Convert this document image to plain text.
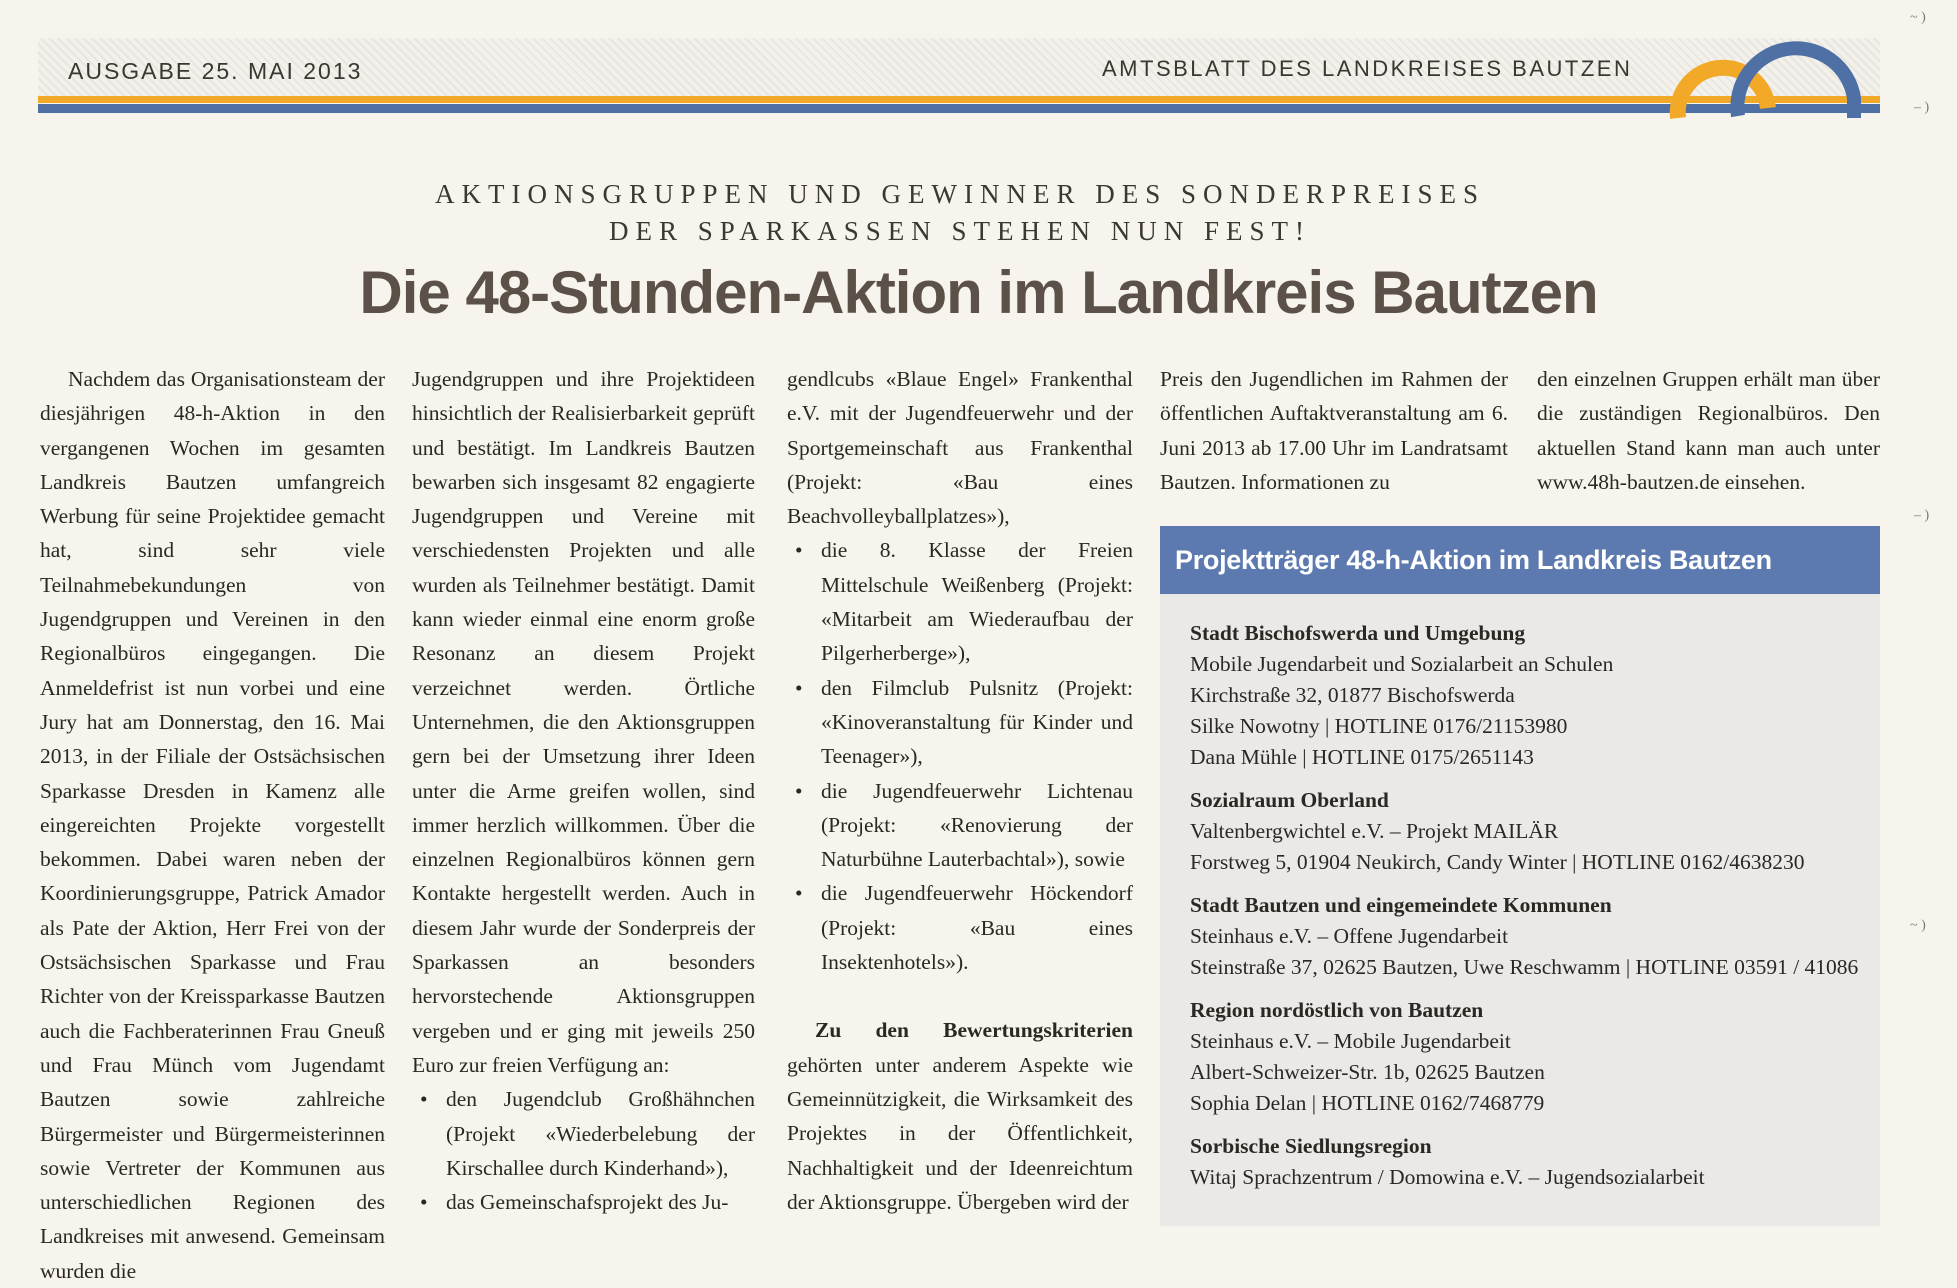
AUSGABE 25. MAI 2013	AMTSBLATT DES LANDKREISES BAUTZEN
~ )
– )
– )
~ )
AKTIONSGRUPPEN UND GEWINNER DES SONDERPREISES
DER SPARKASSEN STEHEN NUN FEST!
Die 48-Stunden-Aktion im Landkreis Bautzen

Nachdem das Organisationsteam der diesjährigen 48-h-Aktion in den vergangenen Wochen im gesamten Landkreis Bautzen umfangreich Werbung für seine Projektidee gemacht hat, sind sehr viele Teilnahmebekundungen von Jugendgruppen und Vereinen in den Regionalbüros eingegangen. Die Anmeldefrist ist nun vorbei und eine Jury hat am Donnerstag, den 16. Mai 2013, in der Filiale der Ostsächsischen Sparkasse Dresden in Kamenz alle eingereichten Projekte vorgestellt bekommen. Dabei waren neben der Koordinierungsgruppe, Patrick Amador als Pate der Aktion, Herr Frei von der Ostsächsischen Sparkasse und Frau Richter von der Kreissparkasse Bautzen auch die Fachberaterinnen Frau Gneuß und Frau Münch vom Jugendamt Bautzen sowie zahlreiche Bürgermeister und Bürgermeisterinnen sowie Vertreter der Kommunen aus unterschiedlichen Regionen des Landkreises mit anwesend. Gemeinsam wurden die

Jugendgruppen und ihre Projektideen hinsichtlich der Realisierbarkeit geprüft und bestätigt. Im Landkreis Bautzen bewarben sich insgesamt 82 engagierte Jugendgruppen und Vereine mit verschiedensten Projekten und alle wurden als Teilnehmer bestätigt. Damit kann wieder einmal eine enorm große Resonanz an diesem Projekt verzeichnet werden. Örtliche Unternehmen, die den Aktionsgruppen gern bei der Umsetzung ihrer Ideen unter die Arme greifen wollen, sind immer herzlich willkommen. Über die einzelnen Regionalbüros können gern Kontakte hergestellt werden. Auch in diesem Jahr wurde der Sonderpreis der Sparkassen an besonders hervorstechende Aktionsgruppen vergeben und er ging mit jeweils 250 Euro zur freien Verfügung an:

• den Jugendclub Großhähnchen (Projekt «Wiederbelebung der Kirschallee durch Kinderhand»),
• das Gemeinschafsprojekt des Ju-

gendlcubs «Blaue Engel» Frankenthal e.V. mit der Jugendfeuerwehr und der Sportgemeinschaft aus Frankenthal (Projekt: «Bau eines Beachvolleyballplatzes»),

• die 8. Klasse der Freien Mittelschule Weißenberg (Projekt: «Mitarbeit am Wiederaufbau der Pilgerherberge»),
• den Filmclub Pulsnitz (Projekt: «Kinoveranstaltung für Kinder und Teenager»),
• die Jugendfeuerwehr Lichtenau (Projekt: «Renovierung der Naturbühne Lauterbachtal»), sowie
• die Jugendfeuerwehr Höckendorf (Projekt: «Bau eines Insektenhotels»).

Zu den Bewertungskriterien gehörten unter anderem Aspekte wie Gemeinnützigkeit, die Wirksamkeit des Projektes in der Öffentlichkeit, Nachhaltigkeit und der Ideenreichtum der Aktionsgruppe. Übergeben wird der

Preis den Jugendlichen im Rahmen der öffentlichen Auftaktveranstaltung am 6. Juni 2013 ab 17.00 Uhr im Landratsamt Bautzen. Informationen zu

den einzelnen Gruppen erhält man über die zuständigen Regionalbüros. Den aktuellen Stand kann man auch unter www.48h-bautzen.de einsehen.

Projektträger 48-h-Aktion im Landkreis Bautzen
Stadt Bischofswerda und Umgebung
Mobile Jugendarbeit und Sozialarbeit an Schulen
Kirchstraße 32, 01877 Bischofswerda
Silke Nowotny | HOTLINE 0176/21153980
Dana Mühle | HOTLINE 0175/2651143
Sozialraum Oberland
Valtenbergwichtel e.V. – Projekt MAILÄR
Forstweg 5, 01904 Neukirch, Candy Winter | HOTLINE 0162/4638230
Stadt Bautzen und eingemeindete Kommunen
Steinhaus e.V. – Offene Jugendarbeit
Steinstraße 37, 02625 Bautzen, Uwe Reschwamm | HOTLINE 03591 / 41086
Region nordöstlich von Bautzen
Steinhaus e.V. – Mobile Jugendarbeit
Albert-Schweizer-Str. 1b, 02625 Bautzen
Sophia Delan | HOTLINE 0162/7468779
Sorbische Siedlungsregion
Witaj Sprachzentrum / Domowina e.V. – Jugendsozialarbeit
